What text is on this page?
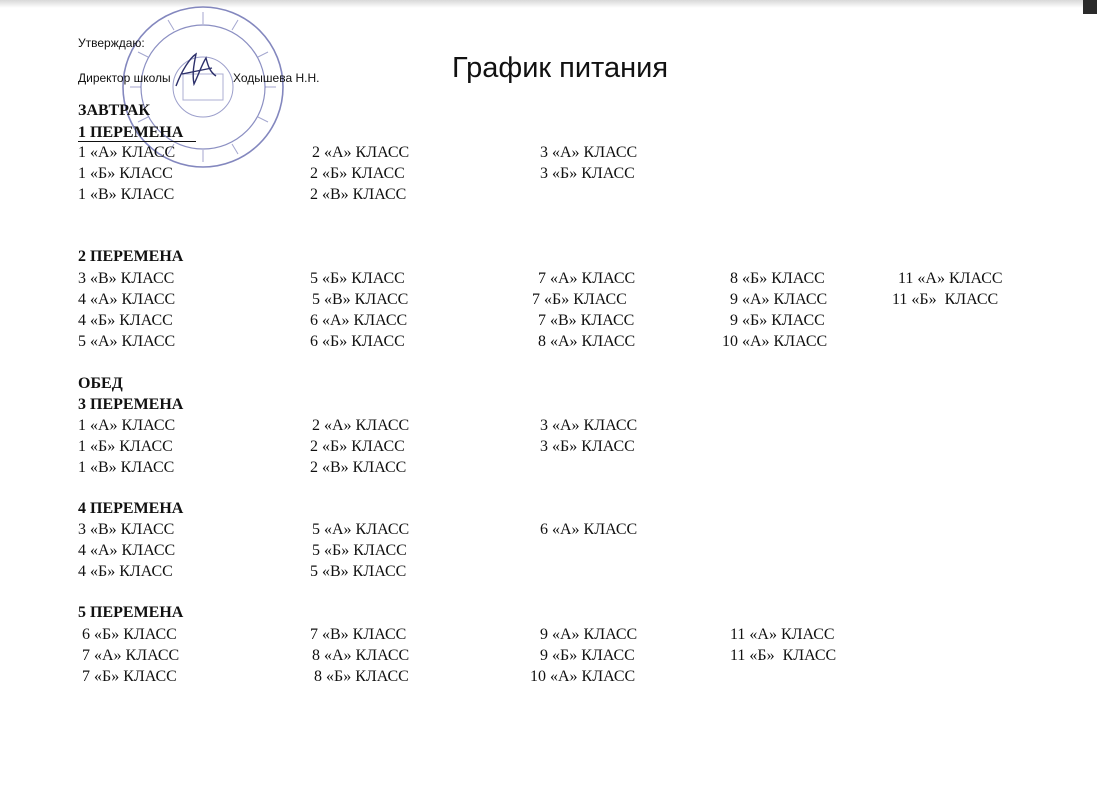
Утверждаю:
Директор школы	Ходышева Н.Н.	График питания
ЗАВТРАК
1 ПЕРЕМЕНА
1 «А» КЛАСС
1 «Б» КЛАСС
1 «В» КЛАСС
2 «А» КЛАСС
2 «Б» КЛАСС
2 «В» КЛАСС
3 «А» КЛАСС
3 «Б» КЛАСС
2 ПЕРЕМЕНА
3 «В» КЛАСС
4 «А» КЛАСС
4 «Б» КЛАСС
5 «А» КЛАСС
5 «Б» КЛАСС
5 «В» КЛАСС
6 «А» КЛАСС
6 «Б» КЛАСС
7 «А» КЛАСС
7 «Б» КЛАСС
7 «В» КЛАСС
8 «А» КЛАСС
8 «Б» КЛАСС
9 «А» КЛАСС
9 «Б» КЛАСС
10 «А» КЛАСС
11 «А» КЛАСС
11 «Б»  КЛАСС
ОБЕД
3 ПЕРЕМЕНА
1 «А» КЛАСС
1 «Б» КЛАСС
1 «В» КЛАСС
2 «А» КЛАСС
2 «Б» КЛАСС
2 «В» КЛАСС
3 «А» КЛАСС
3 «Б» КЛАСС
4 ПЕРЕМЕНА
3 «В» КЛАСС
4 «А» КЛАСС
4 «Б» КЛАСС
5 «А» КЛАСС
5 «Б» КЛАСС
5 «В» КЛАСС
6 «А» КЛАСС
5 ПЕРЕМЕНА
6 «Б» КЛАСС
7 «А» КЛАСС
7 «Б» КЛАСС
7 «В» КЛАСС
8 «А» КЛАСС
8 «Б» КЛАСС
9 «А» КЛАСС
9 «Б» КЛАСС
10 «А» КЛАСС
11 «А» КЛАСС
11 «Б»  КЛАСС
